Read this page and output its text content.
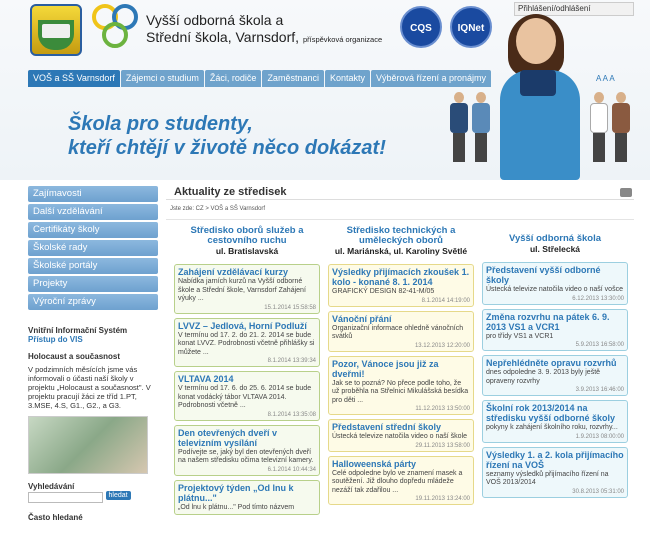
Vyšší odborná škola a
Střední škola, Varnsdorf, příspěvková organizace
CQS	IQNet
Přihlášení/odhlášení
VOŠ a SŠ Varnsdorf	Zájemci o studium	Žáci, rodiče	Zaměstnanci	Kontakty	Výběrová řízení a pronájmy	A A A
Škola pro studenty,
kteří chtějí v životě něco dokázat!
Zajímavosti
Další vzdělávání
Certifikáty školy
Školské rady
Školské portály
Projekty
Výroční zprávy
Vnitřní Informační Systém
Přístup do VIS
Holocaust a současnost
V podzimních měsících jsme vás informovali o účasti naší školy v projektu „Holocaust a současnost". V projektu pracují žáci ze tříd 1.PT, 3.MSE, 4.S, G1., G2., a G3.
Vyhledávání
hledat
Často hledané
Aktuality ze středisek
Jste zde: CZ > VOŠ a SŠ Varnsdorf
Středisko oborů služeb a cestovního ruchu
ul. Bratislavská
Zahájení vzdělávací kurzy
Nabídka jarních kurzů na Vyšší odborné škole a Střední škole, Varnsdorf Zahájení výuky ...
15.1.2014 15:58:58
LVVZ – Jedlová, Horní Podluží
V termínu od 17. 2. do 21. 2. 2014 se bude konat LVVZ. Podrobnosti včetně přihlášky si můžete ...
8.1.2014 13:39:34
VLTAVA 2014
V termínu od 17. 6. do 25. 6. 2014 se bude konat vodácký tábor VLTAVA 2014. Podrobnosti včetně ...
8.1.2014 13:35:08
Den otevřených dveří v televizním vysílání
Podívejte se, jaký byl den otevřených dveří na našem středisku očima televizní kamery.
6.1.2014 10:44:34
Projektový týden „Od lnu k plátnu..."
„Od lnu k plátnu..." Pod tímto názvem
Středisko technických a uměleckých oborů
ul. Mariánská, ul. Karoliny Světlé
Výsledky přijímacích zkoušek 1. kolo - konané 8. 1. 2014
GRAFICKÝ DESIGN 82-41-M/05
8.1.2014 14:19:00
Vánoční přání
Organizační informace ohledně vánočních svátků
13.12.2013 12:20:00
Pozor, Vánoce jsou již za dveřmi!
Jak se to pozná? No přece podle toho, že už proběhla na Střelnici Mikulášská besídka pro děti ...
11.12.2013 13:50:00
Představení střední školy
Ústecká televize natočila video o naší škole
29.11.2013 13:58:00
Halloweenská párty
Celé odpoledne bylo ve znamení masek a soutěžení. Již dlouho dopředu mládeže nezáží tak zdařilou ...
19.11.2013 13:24:00
Vyšší odborná škola
ul. Střelecká
Představení vyšší odborné školy
Ústecká televize natočila video o naší vošce
6.12.2013 13:30:00
Změna rozvrhu na pátek 6. 9. 2013 VS1 a VCR1
pro třídy VS1 a VCR1
5.9.2013 16:58:00
Nepřehlédněte opravu rozvrhů
dnes odpoledne 3. 9. 2013 byly ještě opraveny rozvrhy
3.9.2013 16:46:00
Školní rok 2013/2014 na středisku vyšší odborné školy
pokyny k zahájení školního roku, rozvrhy...
1.9.2013 08:00:00
Výsledky 1. a 2. kola přijímacího řízení na VOŠ
seznamy výsledků přijímacího řízení na VOŠ 2013/2014
30.8.2013 05:31:00
